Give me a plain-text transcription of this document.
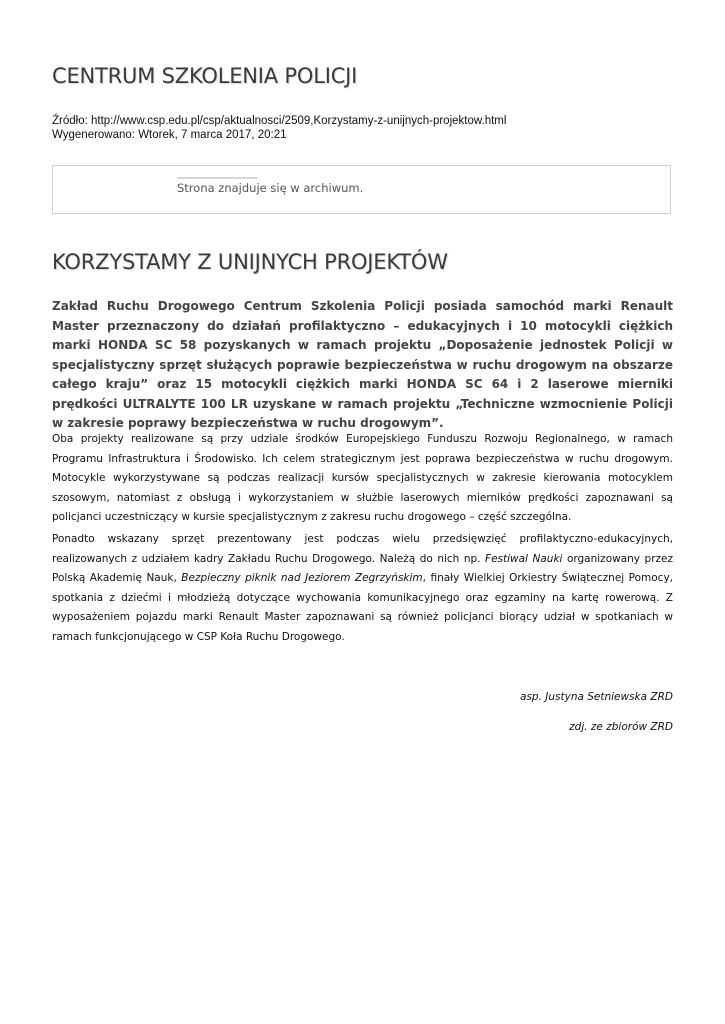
CENTRUM SZKOLENIA POLICJI
Źródło: http://www.csp.edu.pl/csp/aktualnosci/2509,Korzystamy-z-unijnych-projektow.html
Wygenerowano: Wtorek, 7 marca 2017, 20:21
Strona znajduje się w archiwum.
KORZYSTAMY Z UNIJNYCH PROJEKTÓW

Zakład Ruchu Drogowego Centrum Szkolenia Policji posiada samochód marki Renault Master przeznaczony do działań profilaktyczno – edukacyjnych i 10 motocykli ciężkich marki HONDA SC 58 pozyskanych w ramach projektu „Doposażenie jednostek Policji w specjalistyczny sprzęt służących poprawie bezpieczeństwa w ruchu drogowym na obszarze całego kraju” oraz 15 motocykli ciężkich marki HONDA SC 64 i 2 laserowe mierniki prędkości ULTRALYTE 100 LR uzyskane w ramach projektu „Techniczne wzmocnienie Policji w zakresie poprawy bezpieczeństwa w ruchu drogowym”.

Oba projekty realizowane są przy udziale środków Europejskiego Funduszu Rozwoju Regionalnego, w ramach Programu Infrastruktura i Środowisko. Ich celem strategicznym jest poprawa bezpieczeństwa w ruchu drogowym. Motocykle wykorzystywane są podczas realizacji kursów specjalistycznych w zakresie kierowania motocyklem szosowym, natomiast z obsługą i wykorzystaniem w służbie laserowych mierników prędkości zapoznawani są policjanci uczestniczący w kursie specjalistycznym z zakresu ruchu drogowego – część szczególna.

Ponadto wskazany sprzęt prezentowany jest podczas wielu przedsięwzięć profilaktyczno-edukacyjnych, realizowanych z udziałem kadry Zakładu Ruchu Drogowego. Należą do nich np. Festiwal Nauki organizowany przez Polską Akademię Nauk, Bezpieczny piknik nad Jeziorem Zegrzyńskim, finały Wielkiej Orkiestry Świątecznej Pomocy, spotkania z dziećmi i młodzieżą dotyczące wychowania komunikacyjnego oraz egzaminy na kartę rowerową. Z wyposażeniem pojazdu marki Renault Master zapoznawani są również policjanci biorący udział w spotkaniach w ramach funkcjonującego w CSP Koła Ruchu Drogowego.

asp. Justyna Setniewska ZRD
zdj. ze zbiorów ZRD
